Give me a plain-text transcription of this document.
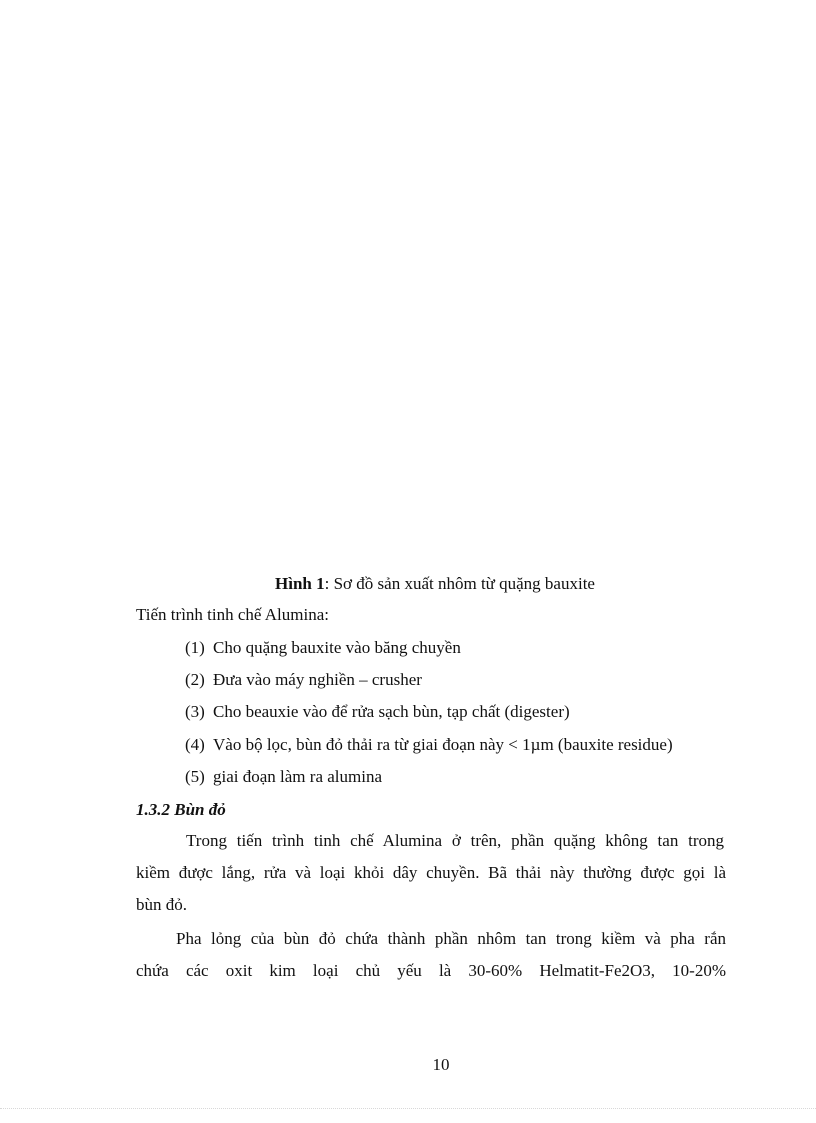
Hình 1: Sơ đồ sản xuất nhôm từ quặng bauxite
Tiến trình tinh chế Alumina:
(1) Cho quặng bauxite vào băng chuyền
(2) Đưa vào máy nghiền – crusher
(3) Cho beauxie vào để rửa sạch bùn, tạp chất (digester)
(4) Vào bộ lọc, bùn đỏ thải ra từ giai đoạn này < 1µm (bauxite residue)
(5) giai đoạn làm ra alumina
1.3.2 Bùn đỏ
Trong tiến trình tinh chế Alumina ở trên, phần quặng không tan trong
kiềm được lắng, rửa và loại khỏi dây chuyền. Bã thải này thường được gọi là
bùn đỏ.
Pha lỏng của bùn đỏ chứa thành phần nhôm tan trong kiềm và pha rắn
chứa các oxit kim loại chủ yếu là 30-60% Helmatit-Fe2O3, 10-20%
10
